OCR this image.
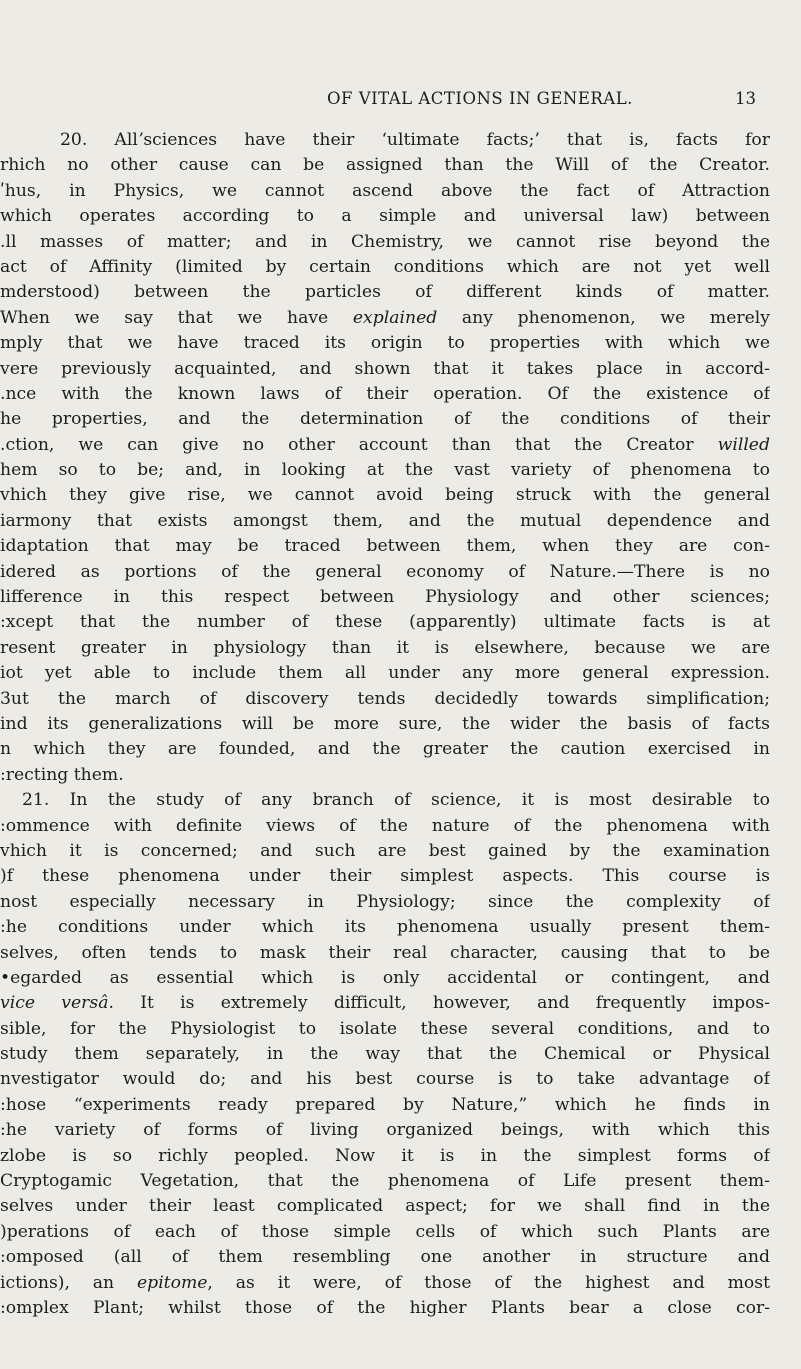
OF VITAL ACTIONS IN GENERAL.	13
20. Allʼsciences have their ‘ultimate facts;’ that is, facts for
rhich no other cause can be assigned than the Will of the Creator.
ʹhus, in Physics, we cannot ascend above the fact of Attraction
which operates according to a simple and universal law) between
.ll masses of matter; and in Chemistry, we cannot rise beyond the
act of Affinity (limited by certain conditions which are not yet well
mderstood) between the particles of different kinds of matter.
When we say that we have explained any phenomenon, we merely
mply that we have traced its origin to properties with which we
vere previously acquainted, and shown that it takes place in accord-
.nce with the known laws of their operation. Of the existence of
he properties, and the determination of the conditions of their
.ction, we can give no other account than that the Creator willed
hem so to be; and, in looking at the vast variety of phenomena to
vhich they give rise, we cannot avoid being struck with the general
iarmony that exists amongst them, and the mutual dependence and
idaptation that may be traced between them, when they are con-
idered as portions of the general economy of Nature.—There is no
lifference in this respect between Physiology and other sciences;
:xcept that the number of these (apparently) ultimate facts is at
resent greater in physiology than it is elsewhere, because we are
iot yet able to include them all under any more general expression.
3ut the march of discovery tends decidedly towards simplification;
ind its generalizations will be more sure, the wider the basis of facts
n which they are founded, and the greater the caution exercised in
:recting them.
21. In the study of any branch of science, it is most desirable to
:ommence with definite views of the nature of the phenomena with
vhich it is concerned; and such are best gained by the examination
)f these phenomena under their simplest aspects. This course is
nost especially necessary in Physiology; since the complexity of
:he conditions under which its phenomena usually present them-
selves, often tends to mask their real character, causing that to be
•egarded as essential which is only accidental or contingent, and
vice versâ. It is extremely difficult, however, and frequently impos-
sible, for the Physiologist to isolate these several conditions, and to
study them separately, in the way that the Chemical or Physical
nvestigator would do; and his best course is to take advantage of
:hose “experiments ready prepared by Nature,” which he finds in
:he variety of forms of living organized beings, with which this
zlobe is so richly peopled. Now it is in the simplest forms of
Cryptogamic Vegetation, that the phenomena of Life present them-
selves under their least complicated aspect; for we shall find in the
)perations of each of those simple cells of which such Plants are
:omposed (all of them resembling one another in structure and
ictions), an epitome, as it were, of those of the highest and most
:omplex Plant; whilst those of the higher Plants bear a close cor-
